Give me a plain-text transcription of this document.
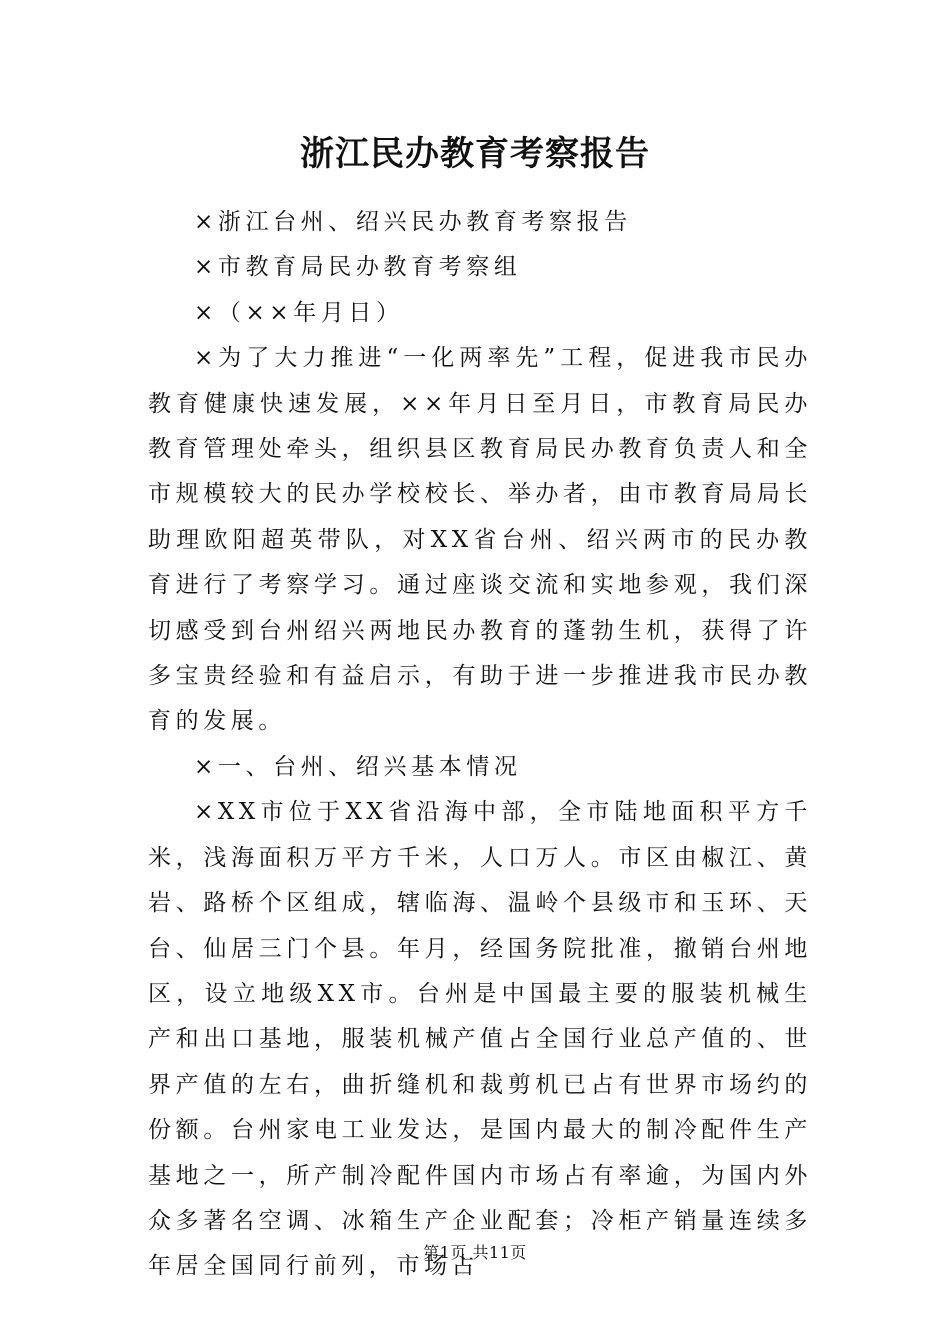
浙江民办教育考察报告

×浙江台州、绍兴民办教育考察报告

×市教育局民办教育考察组

×（××年月日）

×为了大力推进“一化两率先”工程，促进我市民办教育健康快速发展，××年月日至月日，市教育局民办教育管理处牵头，组织县区教育局民办教育负责人和全市规模较大的民办学校校长、举办者，由市教育局局长助理欧阳超英带队，对XX省台州、绍兴两市的民办教育进行了考察学习。通过座谈交流和实地参观，我们深切感受到台州绍兴两地民办教育的蓬勃生机，获得了许多宝贵经验和有益启示，有助于进一步推进我市民办教育的发展。

×一、台州、绍兴基本情况

×XX市位于XX省沿海中部，全市陆地面积平方千米，浅海面积万平方千米，人口万人。市区由椒江、黄岩、路桥个区组成，辖临海、温岭个县级市和玉环、天台、仙居三门个县。年月，经国务院批准，撤销台州地区，设立地级XX市。台州是中国最主要的服装机械生产和出口基地，服装机械产值占全国行业总产值的、世界产值的左右，曲折缝机和裁剪机已占有世界市场约的份额。台州家电工业发达，是国内最大的制冷配件生产基地之一，所产制冷配件国内市场占有率逾，为国内外众多著名空调、冰箱生产企业配套；冷柜产销量连续多年居全国同行前列，市场占

第1页 共11页
